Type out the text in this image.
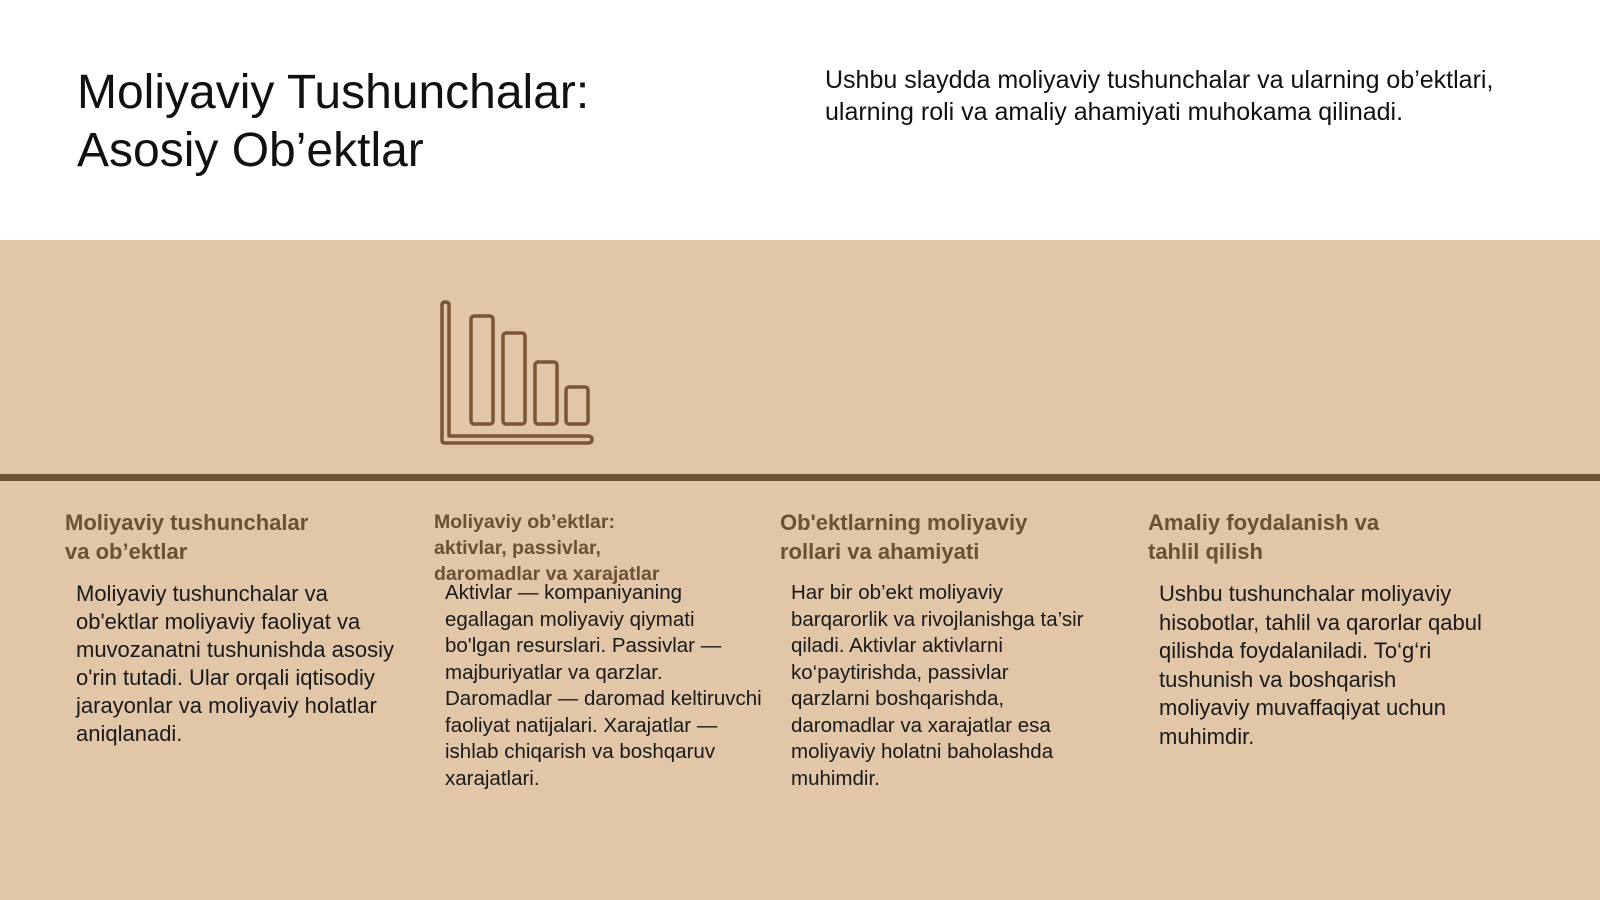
Moliyaviy Tushunchalar:
Asosiy Ob’ektlar

Ushbu slaydda moliyaviy tushunchalar va ularning ob’ektlari, ularning roli va amaliy ahamiyati muhokama qilinadi.

Moliyaviy tushunchalar
va ob’ektlar

Moliyaviy tushunchalar va ob'ektlar moliyaviy faoliyat va muvozanatni tushunishda asosiy o'rin tutadi. Ular orqali iqtisodiy jarayonlar va moliyaviy holatlar aniqlanadi.

Moliyaviy ob’ektlar:
aktivlar, passivlar,
daromadlar va xarajatlar

Aktivlar — kompaniyaning egallagan moliyaviy qiymati bo'lgan resurslari. Passivlar — majburiyatlar va qarzlar. Daromadlar — daromad keltiruvchi faoliyat natijalari. Xarajatlar — ishlab chiqarish va boshqaruv xarajatlari.

Ob'ektlarning moliyaviy
rollari va ahamiyati

Har bir ob’ekt moliyaviy barqarorlik va rivojlanishga ta’sir qiladi. Aktivlar aktivlarni ko‘paytirishda, passivlar qarzlarni boshqarishda, daromadlar va xarajatlar esa moliyaviy holatni baholashda muhimdir.

Amaliy foydalanish va
tahlil qilish

Ushbu tushunchalar moliyaviy hisobotlar, tahlil va qarorlar qabul qilishda foydalaniladi. To‘g‘ri tushunish va boshqarish moliyaviy muvaffaqiyat uchun muhimdir.
